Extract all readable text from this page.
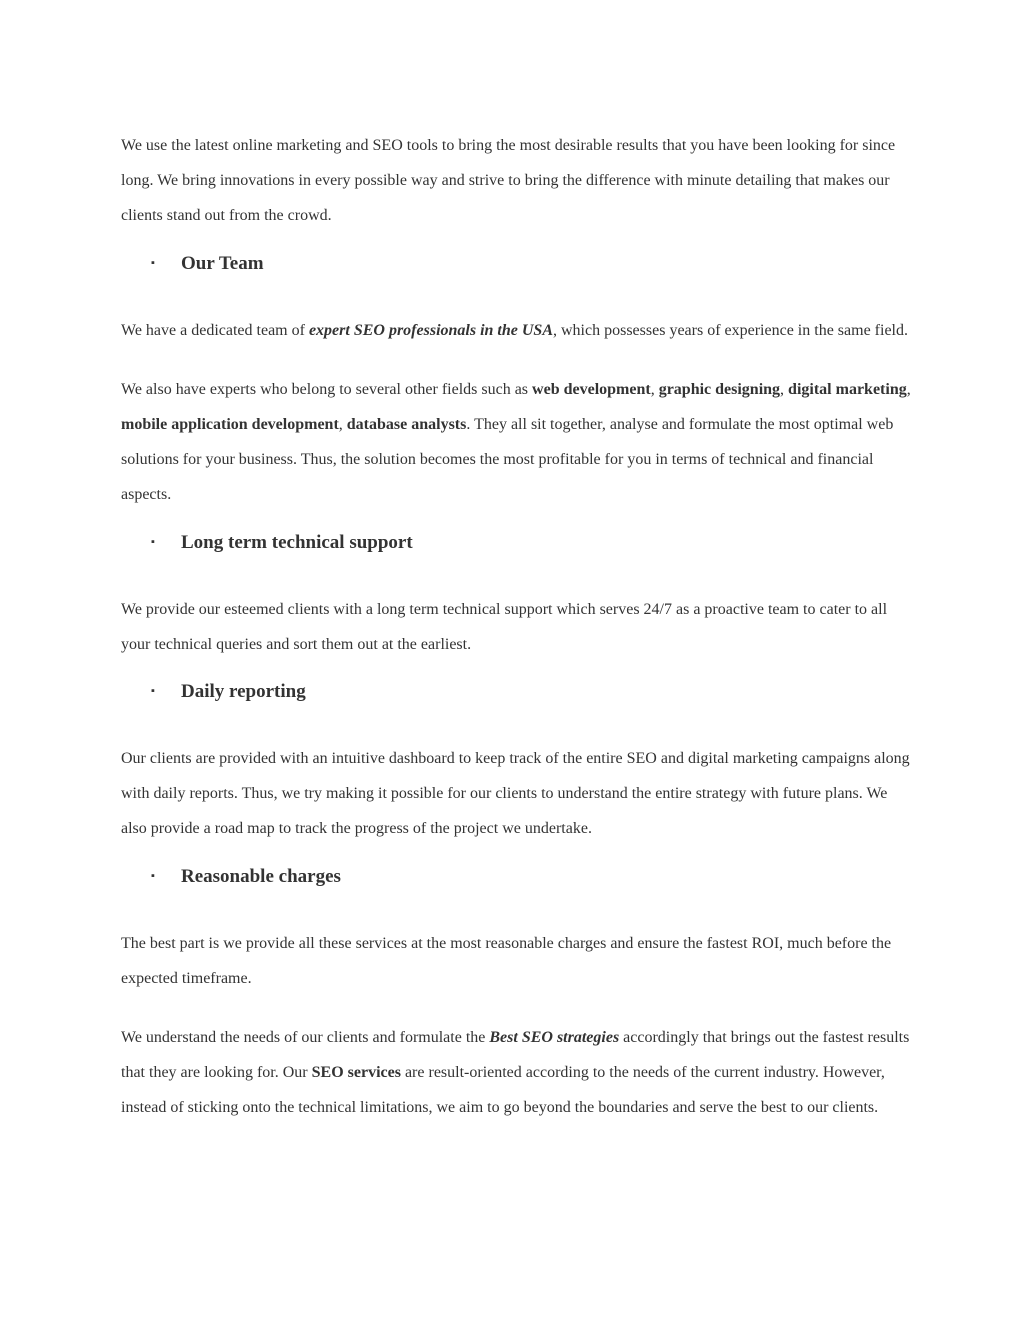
We use the latest online marketing and SEO tools to bring the most desirable results that you have been looking for since long. We bring innovations in every possible way and strive to bring the difference with minute detailing that makes our clients stand out from the crowd.

▪ Our Team

We have a dedicated team of expert SEO professionals in the USA, which possesses years of experience in the same field.

We also have experts who belong to several other fields such as web development, graphic designing, digital marketing, mobile application development, database analysts. They all sit together, analyse and formulate the most optimal web solutions for your business. Thus, the solution becomes the most profitable for you in terms of technical and financial aspects.

▪ Long term technical support

We provide our esteemed clients with a long term technical support which serves 24/7 as a proactive team to cater to all your technical queries and sort them out at the earliest.

▪ Daily reporting

Our clients are provided with an intuitive dashboard to keep track of the entire SEO and digital marketing campaigns along with daily reports. Thus, we try making it possible for our clients to understand the entire strategy with future plans. We also provide a road map to track the progress of the project we undertake.

▪ Reasonable charges

The best part is we provide all these services at the most reasonable charges and ensure the fastest ROI, much before the expected timeframe.

We understand the needs of our clients and formulate the Best SEO strategies accordingly that brings out the fastest results that they are looking for. Our SEO services are result-oriented according to the needs of the current industry. However, instead of sticking onto the technical limitations, we aim to go beyond the boundaries and serve the best to our clients.
